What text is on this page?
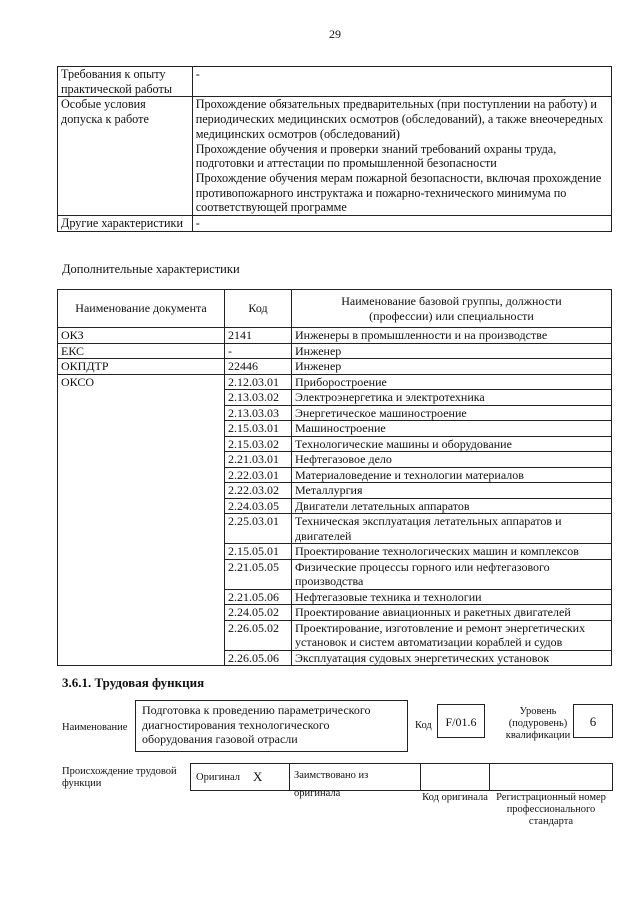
29
Требования к опыту практической работы	-

Особые условия допуска к работе	Прохождение обязательных предварительных (при поступлении на работу) и периодических медицинских осмотров (обследований), а также внеочередных медицинских осмотров (обследований)
Прохождение обучения и проверки знаний требований охраны труда, подготовки и аттестации по промышленной безопасности
Прохождение обучения мерам пожарной безопасности, включая прохождение противопожарного инструктажа и пожарно-технического минимума по соответствующей программе

Другие характеристики	-
Дополнительные характеристики
Наименование документа	Код	Наименование базовой группы, должности (профессии) или специальности
ОКЗ	2141	Инженеры в промышленности и на производстве
ЕКС	-	Инженер
ОКПДТР	22446	Инженер
ОКСО	2.12.03.01	Приборостроение
	2.13.03.02	Электроэнергетика и электротехника
	2.13.03.03	Энергетическое машиностроение
	2.15.03.01	Машиностроение
	2.15.03.02	Технологические машины и оборудование
	2.21.03.01	Нефтегазовое дело
	2.22.03.01	Материаловедение и технологии материалов
	2.22.03.02	Металлургия
	2.24.03.05	Двигатели летательных аппаратов
	2.25.03.01	Техническая эксплуатация летательных аппаратов и двигателей
	2.15.05.01	Проектирование технологических машин и комплексов
	2.21.05.05	Физические процессы горного или нефтегазового производства
	2.21.05.06	Нефтегазовые техника и технологии
	2.24.05.02	Проектирование авиационных и ракетных двигателей
	2.26.05.02	Проектирование, изготовление и ремонт энергетических установок и систем автоматизации кораблей и судов
	2.26.05.06	Эксплуатация судовых энергетических установок
3.6.1. Трудовая функция
Наименование
Подготовка к проведению параметрического диагностирования технологического оборудования газовой отрасли
Код	F/01.6
Уровень (подуровень) квалификации
6
Происхождение трудовой функции
Оригинал X	Заимствовано из оригинала	Код оригинала Регистрационный номер профессионального стандарта
